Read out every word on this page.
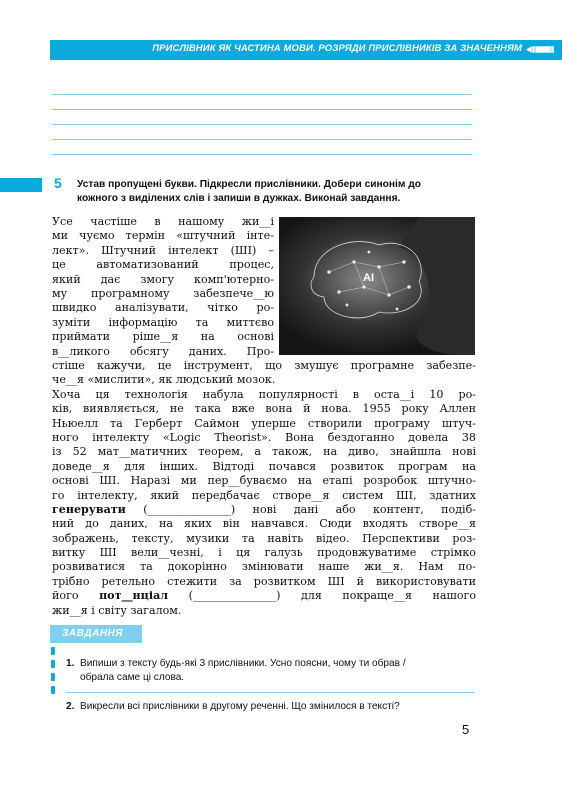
ПРИСЛІВНИК ЯК ЧАСТИНА МОВИ. РОЗРЯДИ ПРИСЛІВНИКІВ ЗА ЗНАЧЕННЯМ
5 Устав пропущені букви. Підкресли прислівники. Добери синонім до
кожного з виділених слів і запиши в дужках. Виконай завдання.
AI
Усе частіше в нашому жи__і
ми чуємо термін «штучний інте-
лект». Штучний інтелект (ШІ) –
це автоматизований процес,
який дає змогу комп'ютерно-
му програмному забезпече__ю
швидко аналізувати, чітко ро-
зуміти інформацію та миттєво
приймати ріше__я на основі
в__ликого обсягу даних. Про-
стіше кажучи, це інструмент, що змушує програмне забезпе-
че__я «мислити», як людський мозок.
Хоча ця технологія набула популярності в оста__і 10 ро-
ків, виявляється, не така вже вона й нова. 1955 року Аллен
Ньюелл та Герберт Саймон уперше створили програму штуч-
ного інтелекту «Logic Theorist». Вона бездоганно довела 38
із 52 мат__матичних теорем, а також, на диво, знайшла нові
доведе__я для інших. Відтоді почався розвиток програм на
основі ШІ. Наразі ми пер__буваємо на етапі розробок штучно-
го інтелекту, який передбачає створе__я систем ШІ, здатних
генерувати (_______________) нові дані або контент, подіб-
ний до даних, на яких він навчався. Сюди входять створе__я
зображень, тексту, музики та навіть відео. Перспективи роз-
витку ШІ вели__чезні, і ця галузь продовжуватиме стрімко
розвиватися та докорінно змінювати наше жи__я. Нам по-
трібно ретельно стежити за розвитком ШІ й використовувати
його пот__нціал (_______________) для покраще__я нашого
жи__я і світу загалом.
ЗАВДАННЯ
1. Випиши з тексту будь-які 3 прислівники. Усно поясни, чому ти обрав /
обрала саме ці слова.
2. Викресли всі прислівники в другому реченні. Що змінилося в тексті?
5
